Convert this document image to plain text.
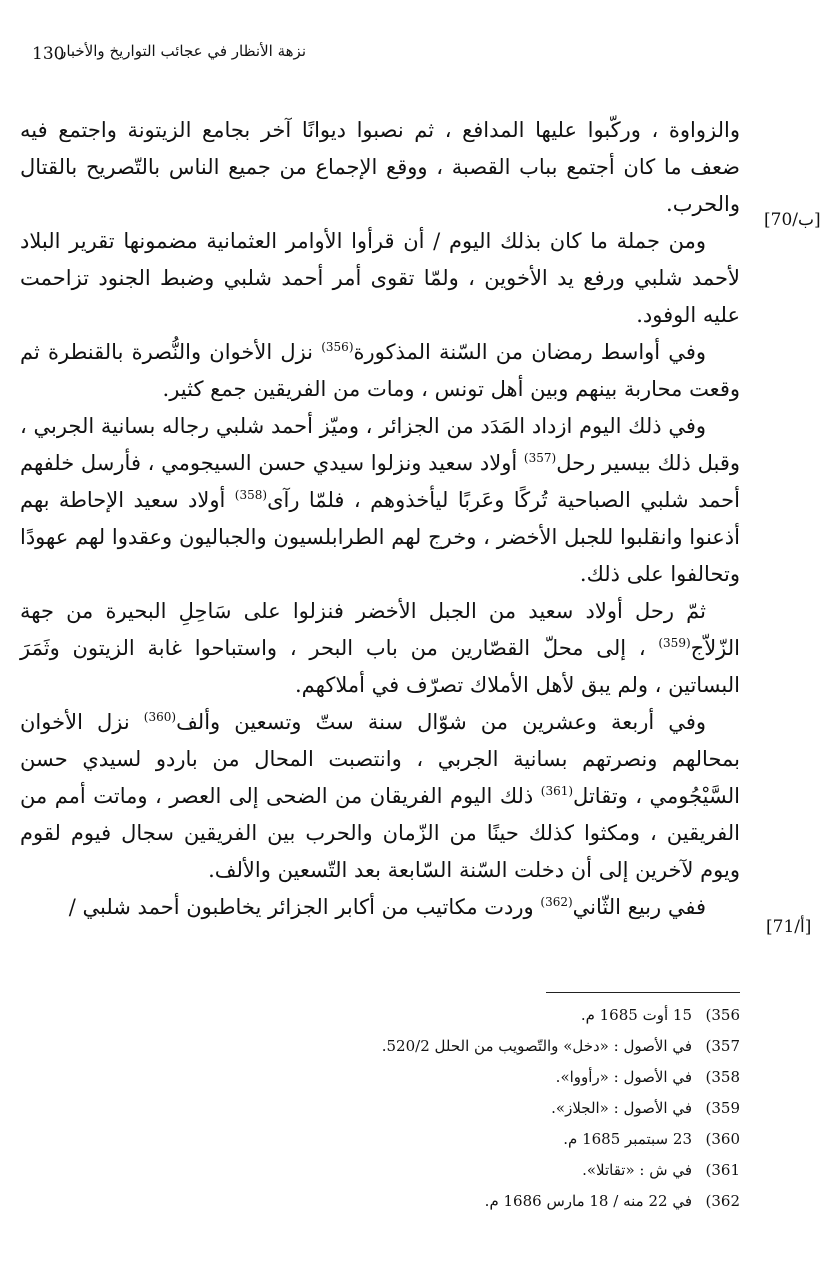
نزهة الأنظار في عجائب التواريخ والأخبار
130
[70/ب]
[71/أ]

والزواوة ، وركّبوا عليها المدافع ، ثم نصبوا ديوانًا آخر بجامع الزيتونة واجتمع فيه ضعف ما كان أجتمع بباب القصبة ، ووقع الإجماع من جميع الناس بالتّصريح بالقتال والحرب.

ومن جملة ما كان بذلك اليوم / أن قرأوا الأوامر العثمانية مضمونها تقرير البلاد لأحمد شلبي ورفع يد الأخوين ، ولمّا تقوى أمر أحمد شلبي وضبط الجنود تزاحمت عليه الوفود.

وفي أواسط رمضان من السّنة المذكورة$^{(356)}$ نزل الأخوان والنُّصرة بالقنطرة ثم وقعت محاربة بينهم وبين أهل تونس ، ومات من الفريقين جمع كثير.

وفي ذلك اليوم ازداد المَدَد من الجزائر ، وميّز أحمد شلبي رجاله بسانية الجربي ، وقبل ذلك بيسير رحل$^{(357)}$ أولاد سعيد ونزلوا سيدي حسن السيجومي ، فأرسل خلفهم أحمد شلبي الصباحية تُركًا وعَربًا ليأخذوهم ، فلمّا رآى$^{(358)}$ أولاد سعيد الإحاطة بهم أذعنوا وانقلبوا للجبل الأخضر ، وخرج لهم الطرابلسيون والجباليون وعقدوا لهم عهودًا وتحالفوا على ذلك.

ثمّ رحل أولاد سعيد من الجبل الأخضر فنزلوا على سَاحِلِ البحيرة من جهة الزّلاّج$^{(359)}$ ، إلى محلّ القصّارين من باب البحر ، واستباحوا غابة الزيتون وثَمَرَ البساتين ، ولم يبق لأهل الأملاك تصرّف في أملاكهم.

وفي أربعة وعشرين من شوّال سنة ستّ وتسعين وألف$^{(360)}$ نزل الأخوان بمحالهم ونصرتهم بسانية الجربي ، وانتصبت المحال من باردو لسيدي حسن السَّيْجُومي ، وتقاتل$^{(361)}$ ذلك اليوم الفريقان من الضحى إلى العصر ، وماتت أمم من الفريقين ، ومكثوا كذلك حينًا من الزّمان والحرب بين الفريقين سجال فيوم لقوم ويوم لآخرين إلى أن دخلت السّنة السّابعة بعد التّسعين والألف.

ففي ربيع الثّاني$^{(362)}$ وردت مكاتيب من أكابر الجزائر يخاطبون أحمد شلبي /

356)
15 أوت 1685 م.
357)
في الأصول : «دخل» والتّصويب من الحلل 520/2.
358)
في الأصول : «رأووا».
359)
في الأصول : «الجلاز».
360)
23 سبتمبر 1685 م.
361)
في ش : «تقاتلا».
362)
في 22 منه / 18 مارس 1686 م.
